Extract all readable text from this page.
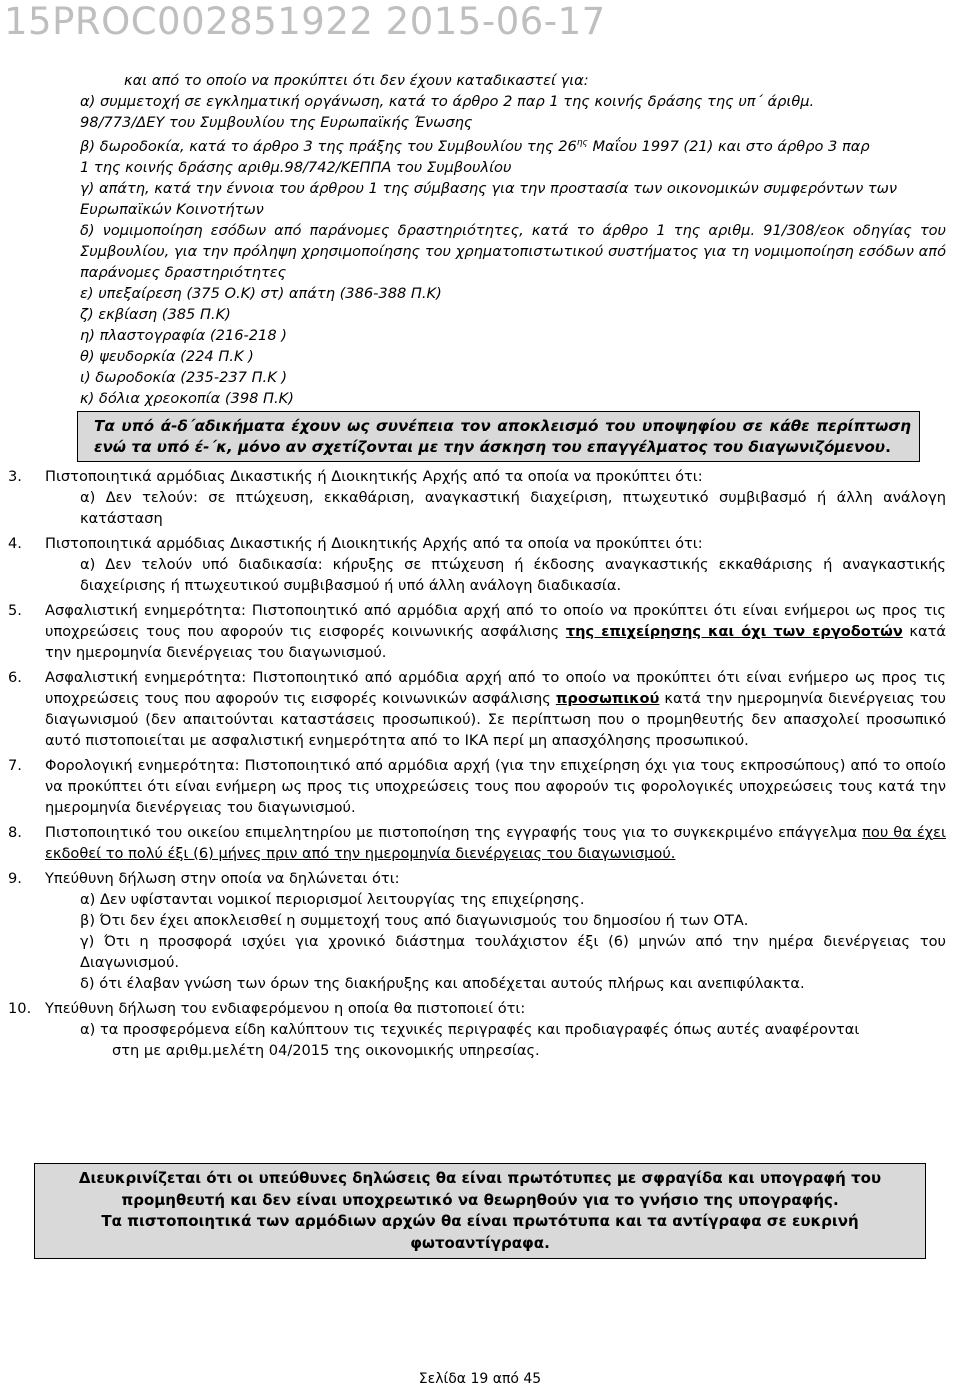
15PROC002851922 2015-06-17

και από το οποίο να προκύπτει ότι δεν έχουν καταδικαστεί για:

α) συμμετοχή σε εγκληματική οργάνωση, κατά το άρθρο 2 παρ 1 της κοινής δράσης της υπ΄ άριθμ.

98/773/ΔΕΥ του Συμβουλίου της Ευρωπαϊκής Ένωσης

β) δωροδοκία, κατά το άρθρο 3 της πράξης του Συμβουλίου της $26^{\eta\varsigma}$ Μαΐου 1997 (21) και στο άρθρο 3 παρ

1 της κοινής δράσης αριθμ.98/742/ΚΕΠΠΑ του Συμβουλίου

γ) απάτη, κατά την έννοια του άρθρου 1 της σύμβασης για την προστασία των οικονομικών συμφερόντων των Ευρωπαϊκών Κοινοτήτων

δ) νομιμοποίηση εσόδων από παράνομες δραστηριότητες, κατά το άρθρο 1 της αριθμ. 91/308/εοκ οδηγίας του Συμβουλίου, για την πρόληψη χρησιμοποίησης του χρηματοπιστωτικού συστήματος για τη νομιμοποίηση εσόδων από παράνομες δραστηριότητες

ε) υπεξαίρεση (375 Ο.Κ) στ) απάτη (386-388 Π.Κ)

ζ) εκβίαση (385 Π.Κ)

η) πλαστογραφία (216-218 )

θ) ψευδορκία (224 Π.Κ )

ι) δωροδοκία (235-237 Π.Κ )

κ) δόλια χρεοκοπία (398 Π.Κ)

Τα υπό ά-δ΄αδικήματα έχουν ως συνέπεια τον αποκλεισμό του υποψηφίου σε κάθε περίπτωση ενώ τα υπό έ-΄κ, μόνο αν σχετίζονται με την άσκηση του επαγγέλματος του διαγωνιζόμενου.
3. Πιστοποιητικά αρμόδιας Δικαστικής ή Διοικητικής Αρχής από τα οποία να προκύπτει ότι:
α) Δεν τελούν: σε πτώχευση, εκκαθάριση, αναγκαστική διαχείριση, πτωχευτικό συμβιβασμό ή άλλη ανάλογη κατάσταση
4. Πιστοποιητικά αρμόδιας Δικαστικής ή Διοικητικής Αρχής από τα οποία να προκύπτει ότι:
α) Δεν τελούν υπό διαδικασία: κήρυξης σε πτώχευση ή έκδοσης αναγκαστικής εκκαθάρισης ή αναγκαστικής διαχείρισης ή πτωχευτικού συμβιβασμού ή υπό άλλη ανάλογη διαδικασία.
5. Ασφαλιστική ενημερότητα: Πιστοποιητικό από αρμόδια αρχή από το οποίο να προκύπτει ότι είναι ενήμεροι ως προς τις υποχρεώσεις τους που αφορούν τις εισφορές κοινωνικής ασφάλισης της επιχείρησης και όχι των εργοδοτών κατά την ημερομηνία διενέργειας του διαγωνισμού.
6. Ασφαλιστική ενημερότητα: Πιστοποιητικό από αρμόδια αρχή από το οποίο να προκύπτει ότι είναι ενήμερο ως προς τις υποχρεώσεις τους που αφορούν τις εισφορές κοινωνικών ασφάλισης προσωπικού κατά την ημερομηνία διενέργειας του διαγωνισμού (δεν απαιτούνται καταστάσεις προσωπικού). Σε περίπτωση που ο προμηθευτής δεν απασχολεί προσωπικό αυτό πιστοποιείται με ασφαλιστική ενημερότητα από το ΙΚΑ περί μη απασχόλησης προσωπικού.
7. Φορολογική ενημερότητα: Πιστοποιητικό από αρμόδια αρχή (για την επιχείρηση όχι για τους εκπροσώπους) από το οποίο να προκύπτει ότι είναι ενήμερη ως προς τις υποχρεώσεις τους που αφορούν τις φορολογικές υποχρεώσεις τους κατά την ημερομηνία διενέργειας του διαγωνισμού.
8. Πιστοποιητικό του οικείου επιμελητηρίου με πιστοποίηση της εγγραφής τους για το συγκεκριμένο επάγγελμα που θα έχει εκδοθεί το πολύ έξι (6) μήνες πριν από την ημερομηνία διενέργειας του διαγωνισμού.
9. Υπεύθυνη δήλωση στην οποία να δηλώνεται ότι:
α) Δεν υφίστανται νομικοί περιορισμοί λειτουργίας της επιχείρησης.
β) Ότι δεν έχει αποκλεισθεί η συμμετοχή τους από διαγωνισμούς του δημοσίου ή των ΟΤΑ.
γ) Ότι η προσφορά ισχύει για χρονικό διάστημα τουλάχιστον έξι (6) μηνών από την ημέρα διενέργειας του Διαγωνισμού.
δ) ότι έλαβαν γνώση των όρων της διακήρυξης και αποδέχεται αυτούς πλήρως και ανεπιφύλακτα.
10. Υπεύθυνη δήλωση του ενδιαφερόμενου η οποία θα πιστοποιεί ότι:
α) τα προσφερόμενα είδη καλύπτουν τις τεχνικές περιγραφές και προδιαγραφές όπως αυτές αναφέρονται
στη με αριθμ.μελέτη 04/2015 της οικονομικής υπηρεσίας.
Διευκρινίζεται ότι οι υπεύθυνες δηλώσεις θα είναι πρωτότυπες με σφραγίδα και υπογραφή του
προμηθευτή και δεν είναι υποχρεωτικό να θεωρηθούν για το γνήσιο της υπογραφής.
Τα πιστοποιητικά των αρμόδιων αρχών θα είναι πρωτότυπα και τα αντίγραφα σε ευκρινή
φωτοαντίγραφα.
Σελίδα 19 από 45
